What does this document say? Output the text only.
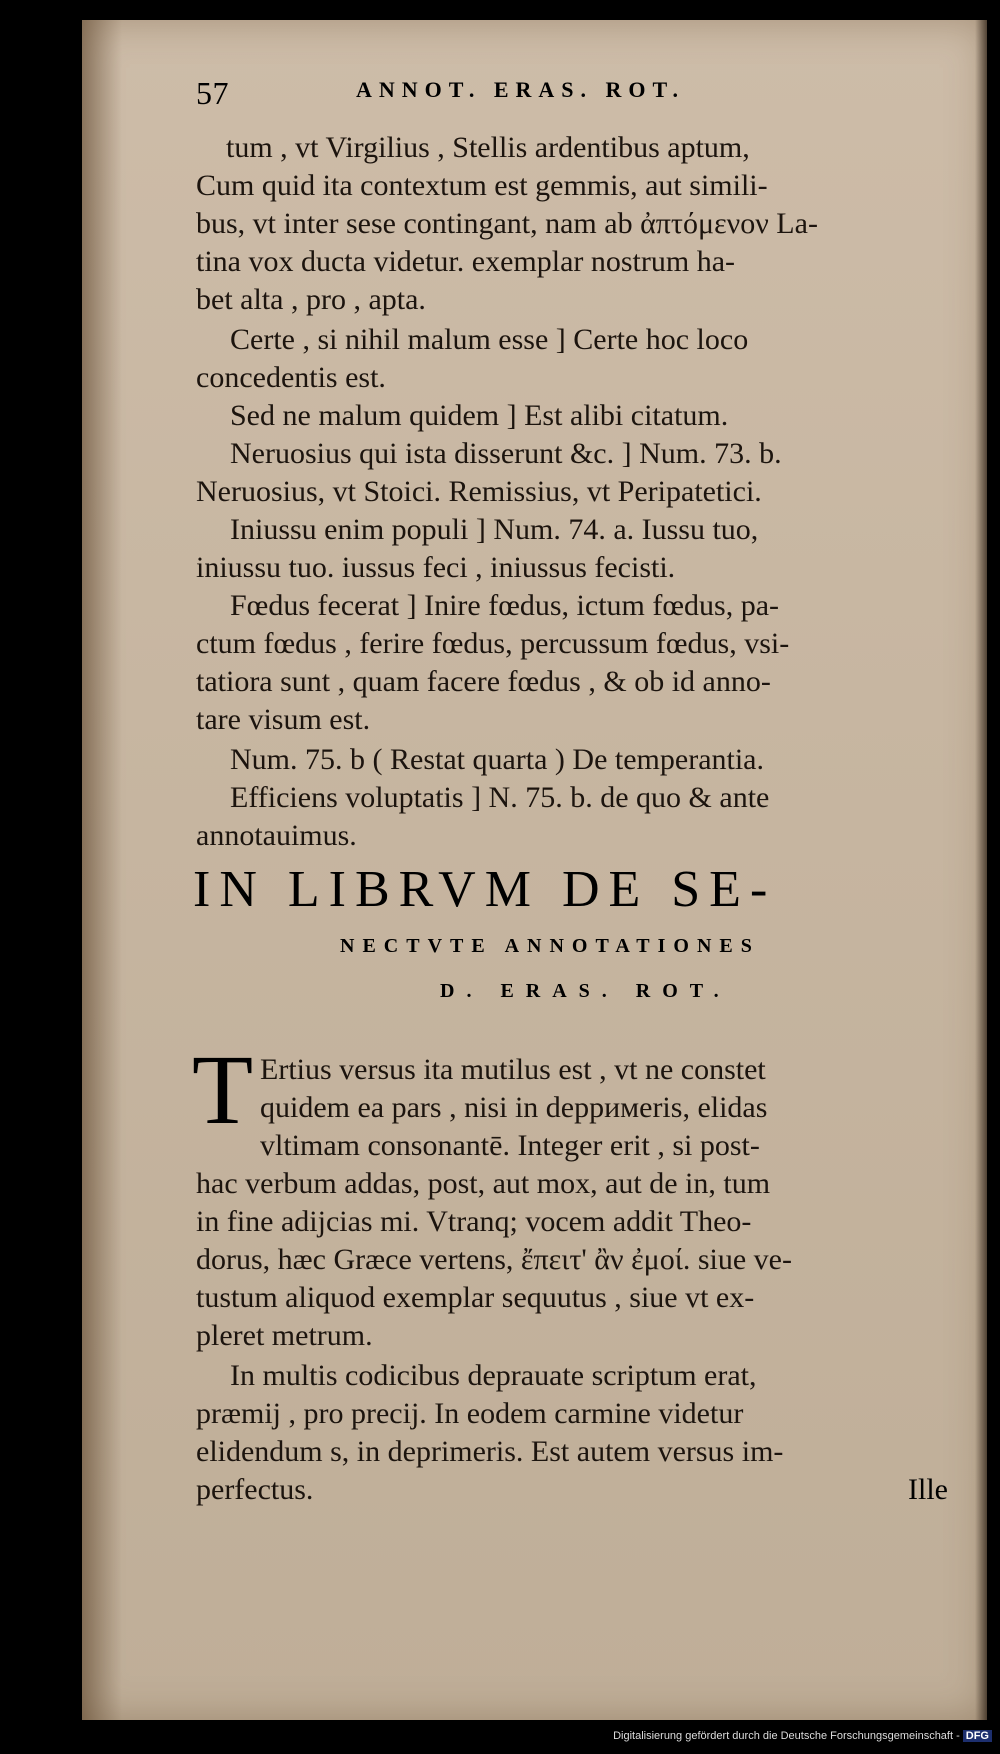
57	ANNOT. ERAS. ROT.
tum , vt Virgilius , Stellis ardentibus aptum,
Cum quid ita contextum est gemmis, aut simili-
bus, vt inter sese contingant, nam ab ἀπτόμενον La-
tina vox ducta videtur. exemplar nostrum ha-
bet alta , pro , apta.
Certe , si nihil malum esse ] Certe hoc loco
concedentis est.
Sed ne malum quidem ] Est alibi citatum.
Neruosius qui ista disserunt &c. ] Num. 73. b.
Neruosius, vt Stoici. Remissius, vt Peripatetici.
Iniussu enim populi ] Num. 74. a. Iussu tuo,
iniussu tuo. iussus feci , iniussus fecisti.
Fœdus fecerat ] Inire fœdus, ictum fœdus, pa-
ctum fœdus , ferire fœdus, percussum fœdus, vsi-
tatiora sunt , quam facere fœdus , & ob id anno-
tare visum est.
Num. 75. b ( Restat quarta ) De temperantia.
Efficiens voluptatis ] N. 75. b. de quo & ante
annotauimus.
IN LIBRVM DE SE-
NECTVTE ANNOTATIONES
D. ERAS. ROT.
T Ertius versus ita mutilus est , vt ne constet
quidem ea pars , nisi in depримeris, elidas
vltimam consonantē. Integer erit , si post-
hac verbum addas, post, aut mox, aut de in, tum
in fine adijcias mi. Vtranq; vocem addit Theo-
dorus, hæc Græce vertens, ἔπειτ' ἂν ἐμοί. siue ve-
tustum aliquod exemplar sequutus , siue vt ex-
pleret metrum.
In multis codicibus deprauate scriptum erat,
præmij , pro precij. In eodem carmine videtur
elidendum s, in deprimeris. Est autem versus im-
perfectus.	Ille
Digitalisierung gefördert durch die Deutsche Forschungsgemeinschaft - DFG
